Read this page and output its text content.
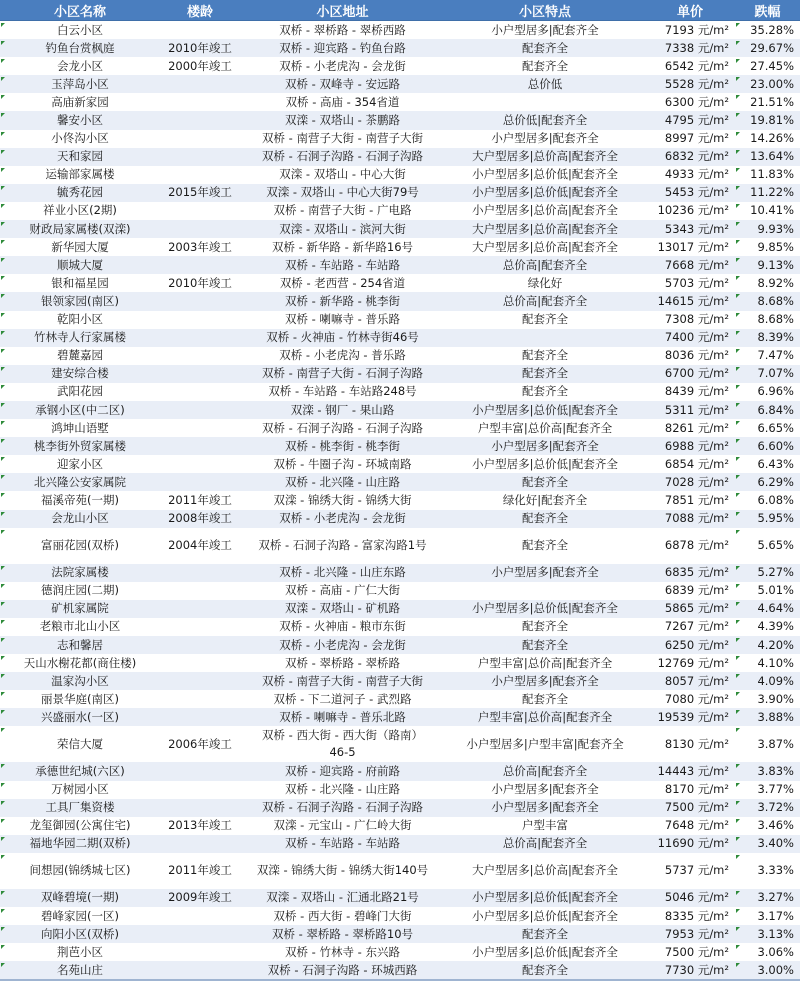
小区名称	楼龄	小区地址	小区特点	单价	跌幅

白云小区		双桥 - 翠桥路 - 翠桥西路	小户型居多|配套齐全	7193 元/m²	35.28%

钓鱼台赏枫庭	2010年竣工	双桥 - 迎宾路 - 钓鱼台路	配套齐全	7338 元/m²	29.67%

会龙小区	2000年竣工	双桥 - 小老虎沟 - 会龙街	配套齐全	6542 元/m²	27.45%

玉萍岛小区		双桥 - 双峰寺 - 安远路	总价低	5528 元/m²	23.00%

高庙新家园		双桥 - 高庙 - 354省道		6300 元/m²	21.51%

馨安小区		双滦 - 双塔山 - 茶鹏路	总价低|配套齐全	4795 元/m²	19.81%

小佟沟小区		双桥 - 南营子大街 - 南营子大街	小户型居多|配套齐全	8997 元/m²	14.26%

天和家园		双桥 - 石洞子沟路 - 石洞子沟路	大户型居多|总价高|配套齐全	6832 元/m²	13.64%

运输部家属楼		双滦 - 双塔山 - 中心大街	小户型居多|总价低|配套齐全	4933 元/m²	11.83%

毓秀花园	2015年竣工	双滦 - 双塔山 - 中心大街79号	小户型居多|总价低|配套齐全	5453 元/m²	11.22%

祥业小区(2期)		双桥 - 南营子大街 - 广电路	小户型居多|总价高|配套齐全	10236 元/m²	10.41%

财政局家属楼(双滦)		双滦 - 双塔山 - 滨河大街	大户型居多|总价高|配套齐全	5343 元/m²	9.93%

新华园大厦	2003年竣工	双桥 - 新华路 - 新华路16号	大户型居多|总价高|配套齐全	13017 元/m²	9.85%

顺城大厦		双桥 - 车站路 - 车站路	总价高|配套齐全	7668 元/m²	9.13%

银和福星园	2010年竣工	双桥 - 老西营 - 254省道	绿化好	5703 元/m²	8.92%

银领家园(南区)		双桥 - 新华路 - 桃李街	总价高|配套齐全	14615 元/m²	8.68%

乾阳小区		双桥 - 喇嘛寺 - 普乐路	配套齐全	7308 元/m²	8.68%

竹林寺人行家属楼		双桥 - 火神庙 - 竹林寺街46号		7400 元/m²	8.39%

碧麓嘉园		双桥 - 小老虎沟 - 普乐路	配套齐全	8036 元/m²	7.47%

建安综合楼		双桥 - 南营子大街 - 石洞子沟路	配套齐全	6700 元/m²	7.07%

武阳花园		双桥 - 车站路 - 车站路248号	配套齐全	8439 元/m²	6.96%

承钢小区(中二区)		双滦 - 钢厂 - 果山路	小户型居多|总价低|配套齐全	5311 元/m²	6.84%

鸿坤山语墅		双桥 - 石洞子沟路 - 石洞子沟路	户型丰富|总价高|配套齐全	8261 元/m²	6.65%

桃李街外贸家属楼		双桥 - 桃李街 - 桃李街	小户型居多|配套齐全	6988 元/m²	6.60%

迎家小区		双桥 - 牛圈子沟 - 环城南路	小户型居多|总价低|配套齐全	6854 元/m²	6.43%

北兴隆公安家属院		双桥 - 北兴隆 - 山庄路	配套齐全	7028 元/m²	6.29%

福溪帝苑(一期)	2011年竣工	双滦 - 锦绣大街 - 锦绣大街	绿化好|配套齐全	7851 元/m²	6.08%

会龙山小区	2008年竣工	双桥 - 小老虎沟 - 会龙街	配套齐全	7088 元/m²	5.95%

富丽花园(双桥)	2004年竣工	双桥 - 石洞子沟路 - 富家沟路1号	配套齐全	6878 元/m²	5.65%

法院家属楼		双桥 - 北兴隆 - 山庄东路	小户型居多|配套齐全	6835 元/m²	5.27%

德润庄园(二期)		双桥 - 高庙 - 广仁大街		6839 元/m²	5.01%

矿机家属院		双滦 - 双塔山 - 矿机路	小户型居多|总价低|配套齐全	5865 元/m²	4.64%

老粮市北山小区		双桥 - 火神庙 - 粮市东街	配套齐全	7267 元/m²	4.39%

志和馨居		双桥 - 小老虎沟 - 会龙街	配套齐全	6250 元/m²	4.20%

天山水榭花都(商住楼)		双桥 - 翠桥路 - 翠桥路	户型丰富|总价高|配套齐全	12769 元/m²	4.10%

温家沟小区		双桥 - 南营子大街 - 南营子大街	小户型居多|配套齐全	8057 元/m²	4.09%

丽景华庭(南区)		双桥 - 下二道河子 - 武烈路	配套齐全	7080 元/m²	3.90%

兴盛丽水(一区)		双桥 - 喇嘛寺 - 普乐北路	户型丰富|总价高|配套齐全	19539 元/m²	3.88%

荣信大厦	2006年竣工	双桥 - 西大街 - 西大街（路南）46-5	小户型居多|户型丰富|配套齐全	8130 元/m²	3.87%

承德世纪城(六区)		双桥 - 迎宾路 - 府前路	总价高|配套齐全	14443 元/m²	3.83%

万树园小区		双桥 - 北兴隆 - 山庄路	小户型居多|配套齐全	8170 元/m²	3.77%

工具厂集资楼		双桥 - 石洞子沟路 - 石洞子沟路	小户型居多|配套齐全	7500 元/m²	3.72%

龙玺御园(公寓住宅)	2013年竣工	双滦 - 元宝山 - 广仁岭大街	户型丰富	7648 元/m²	3.46%

福地华园二期(双桥)		双桥 - 车站路 - 车站路	总价高|配套齐全	11690 元/m²	3.40%

间想园(锦绣城七区)	2011年竣工	双滦 - 锦绣大街 - 锦绣大街140号	大户型居多|总价高|配套齐全	5737 元/m²	3.33%

双峰碧境(一期)	2009年竣工	双滦 - 双塔山 - 汇通北路21号	小户型居多|总价低|配套齐全	5046 元/m²	3.27%

碧峰家园(一区)		双桥 - 西大街 - 碧峰门大街	小户型居多|总价低|配套齐全	8335 元/m²	3.17%

向阳小区(双桥)		双桥 - 翠桥路 - 翠桥路10号	配套齐全	7953 元/m²	3.13%

荆芭小区		双桥 - 竹林寺 - 东兴路	小户型居多|总价低|配套齐全	7500 元/m²	3.06%

名苑山庄		双桥 - 石洞子沟路 - 环城西路	配套齐全	7730 元/m²	3.00%
